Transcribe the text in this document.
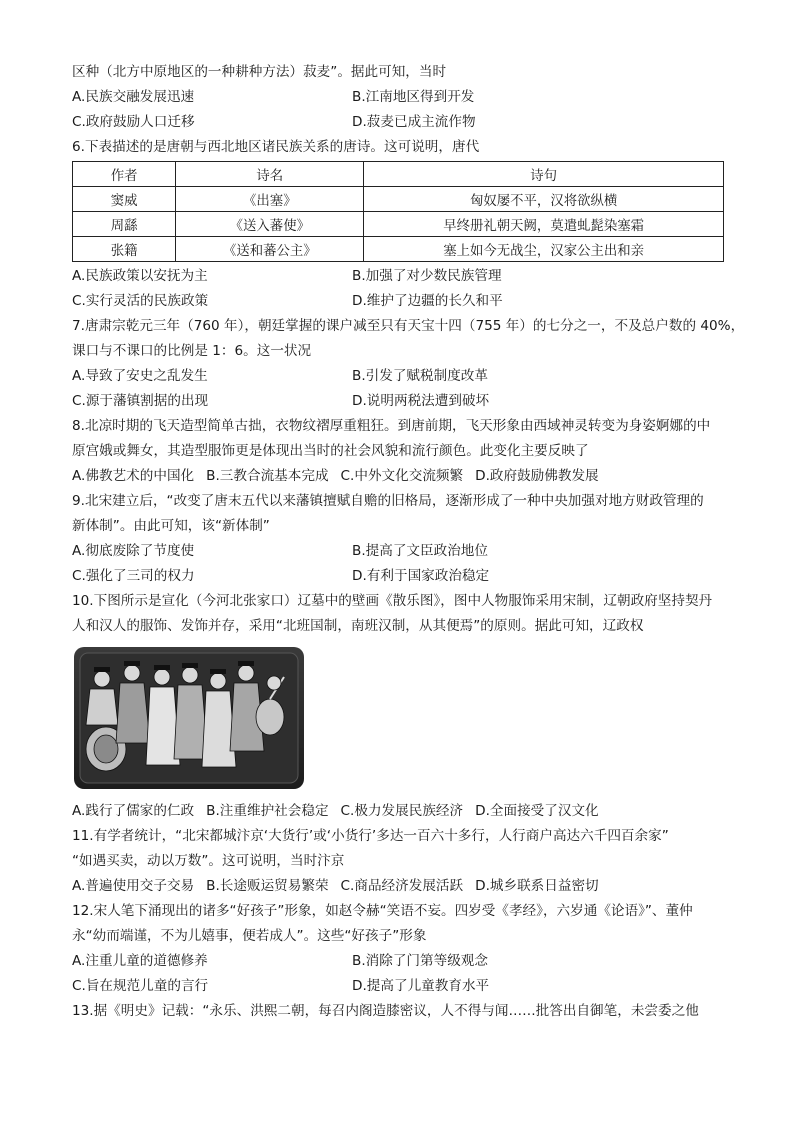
区种（北方中原地区的一种耕种方法）菽麦”。据此可知，当时
A.民族交融发展迅速	B.江南地区得到开发
C.政府鼓励人口迁移	D.菽麦已成主流作物
6.下表描述的是唐朝与西北地区诸民族关系的唐诗。这可说明，唐代
作者	诗名	诗句
窦威	《出塞》	匈奴屡不平，汉将欲纵横
周繇	《送入蕃使》	早终册礼朝天阙，莫遣虬髭染塞霜
张籍	《送和蕃公主》	塞上如今无战尘，汉家公主出和亲
A.民族政策以安抚为主	B.加强了对少数民族管理
C.实行灵活的民族政策	D.维护了边疆的长久和平
7.唐肃宗乾元三年（760 年），朝廷掌握的课户减至只有天宝十四（755 年）的七分之一，不及总户数的 40%，
课口与不课口的比例是 1：6。这一状况
A.导致了安史之乱发生	B.引发了赋税制度改革
C.源于藩镇割据的出现	D.说明两税法遭到破坏
8.北凉时期的飞天造型简单古拙，衣物纹褶厚重粗狂。到唐前期，飞天形象由西域神灵转变为身姿婀娜的中
原宫娥或舞女，其造型服饰更是体现出当时的社会风貌和流行颜色。此变化主要反映了
A.佛教艺术的中国化 B.三教合流基本完成 C.中外文化交流频繁 D.政府鼓励佛教发展
9.北宋建立后，“改变了唐末五代以来藩镇擅赋自赡的旧格局，逐渐形成了一种中央加强对地方财政管理的
新体制”。由此可知，该“新体制”
A.彻底废除了节度使	B.提高了文臣政治地位
C.强化了三司的权力	D.有利于国家政治稳定
10.下图所示是宣化（今河北张家口）辽墓中的壁画《散乐图》，图中人物服饰采用宋制，辽朝政府坚持契丹
人和汉人的服饰、发饰并存，采用“北班国制，南班汉制，从其便焉”的原则。据此可知，辽政权
A.践行了儒家的仁政 B.注重维护社会稳定 C.极力发展民族经济 D.全面接受了汉文化
11.有学者统计，“北宋都城汴京‘大货行’或‘小货行’多达一百六十多行，人行商户高达六千四百余家”
“如遇买卖，动以万数”。这可说明，当时汴京
A.普遍使用交子交易 B.长途贩运贸易繁荣 C.商品经济发展活跃 D.城乡联系日益密切
12.宋人笔下涌现出的诸多“好孩子”形象，如赵令赫“笑语不妄。四岁受《孝经》，六岁通《论语》”、董仲
永“幼而端谨，不为儿嬉事，便若成人”。这些“好孩子”形象
A.注重儿童的道德修养	B.消除了门第等级观念
C.旨在规范儿童的言行	D.提高了儿童教育水平
13.据《明史》记载：“永乐、洪熙二朝，每召内阁造膝密议，人不得与闻……批答出自御笔，未尝委之他
